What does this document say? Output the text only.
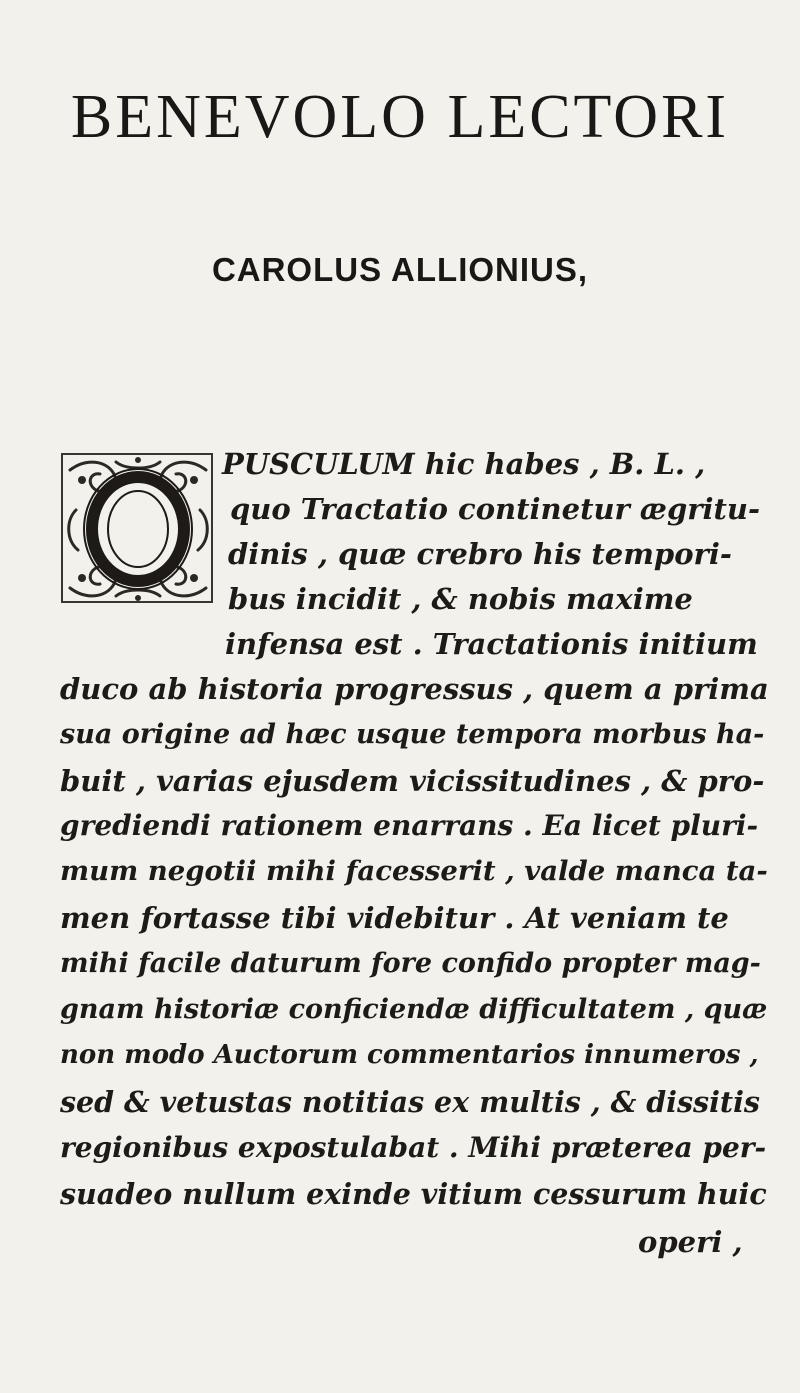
BENEVOLO LECTORI
CAROLUS ALLIONIUS,
PUSCULUM hic habes , B. L. ,
quo Tractatio continetur ægritu-
dinis , quæ crebro his tempori-
bus incidit , & nobis maxime
infensa est . Tractationis initium
duco ab historia progressus , quem a prima
sua origine ad hæc usque tempora morbus ha-
buit , varias ejusdem vicissitudines , & pro-
grediendi rationem enarrans . Ea licet pluri-
mum negotii mihi facesserit , valde manca ta-
men fortasse tibi videbitur . At veniam te
mihi facile daturum fore confido propter mag-
gnam historiæ conficiendæ difficultatem , quæ
non modo Auctorum commentarios innumeros ,
sed & vetustas notitias ex multis , & dissitis
regionibus expostulabat . Mihi præterea per-
suadeo nullum exinde vitium cessurum huic
operi ,
